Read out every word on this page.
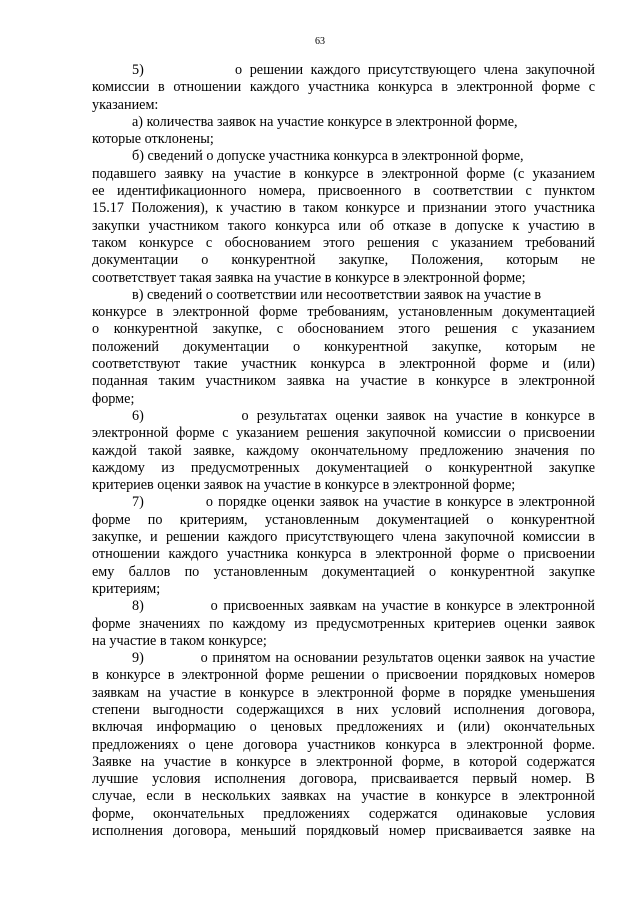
63
5)            о решении каждого присутствующего члена закупочной
комиссии в отношении каждого участника конкурса в электронной форме с
указанием:
а) количества заявок на участие конкурсе в электронной форме,
которые отклонены;
б) сведений о допуске участника конкурса в электронной форме,
подавшего заявку на участие в конкурсе в электронной форме (с указанием
ее идентификационного номера, присвоенного в соответствии с пунктом
15.17 Положения), к участию в таком конкурсе и признании этого участника
закупки участником такого конкурса или об отказе в допуске к участию в
таком конкурсе с обоснованием этого решения с указанием требований
документации о конкурентной закупке, Положения, которым не
соответствует такая заявка на участие в конкурсе в электронной форме;
в) сведений о соответствии или несоответствии заявок на участие в
конкурсе в электронной форме требованиям, установленным документацией
о конкурентной закупке, с обоснованием этого решения с указанием
положений документации о конкурентной закупке, которым не
соответствуют такие участник конкурса в электронной форме и (или)
поданная таким участником заявка на участие в конкурсе в электронной
форме;
6)            о результатах оценки заявок на участие в конкурсе в
электронной форме с указанием решения закупочной комиссии о присвоении
каждой такой заявке, каждому окончательному предложению значения по
каждому из предусмотренных документацией о конкурентной закупке
критериев оценки заявок на участие в конкурсе в электронной форме;
7)            о порядке оценки заявок на участие в конкурсе в электронной
форме по критериям, установленным документацией о конкурентной
закупке, и решении каждого присутствующего члена закупочной комиссии в
отношении каждого участника конкурса в электронной форме о присвоении
ему баллов по установленным документацией о конкурентной закупке
критериям;
8)            о присвоенных заявкам на участие в конкурсе в электронной
форме значениях по каждому из предусмотренных критериев оценки заявок
на участие в таком конкурсе;
9)            о принятом на основании результатов оценки заявок на участие
в конкурсе в электронной форме решении о присвоении порядковых номеров
заявкам на участие в конкурсе в электронной форме в порядке уменьшения
степени выгодности содержащихся в них условий исполнения договора,
включая информацию о ценовых предложениях и (или) окончательных
предложениях о цене договора участников конкурса в электронной форме.
Заявке на участие в конкурсе в электронной форме, в которой содержатся
лучшие условия исполнения договора, присваивается первый номер. В
случае, если в нескольких заявках на участие в конкурсе в электронной
форме, окончательных предложениях содержатся одинаковые условия
исполнения договора, меньший порядковый номер присваивается заявке на
